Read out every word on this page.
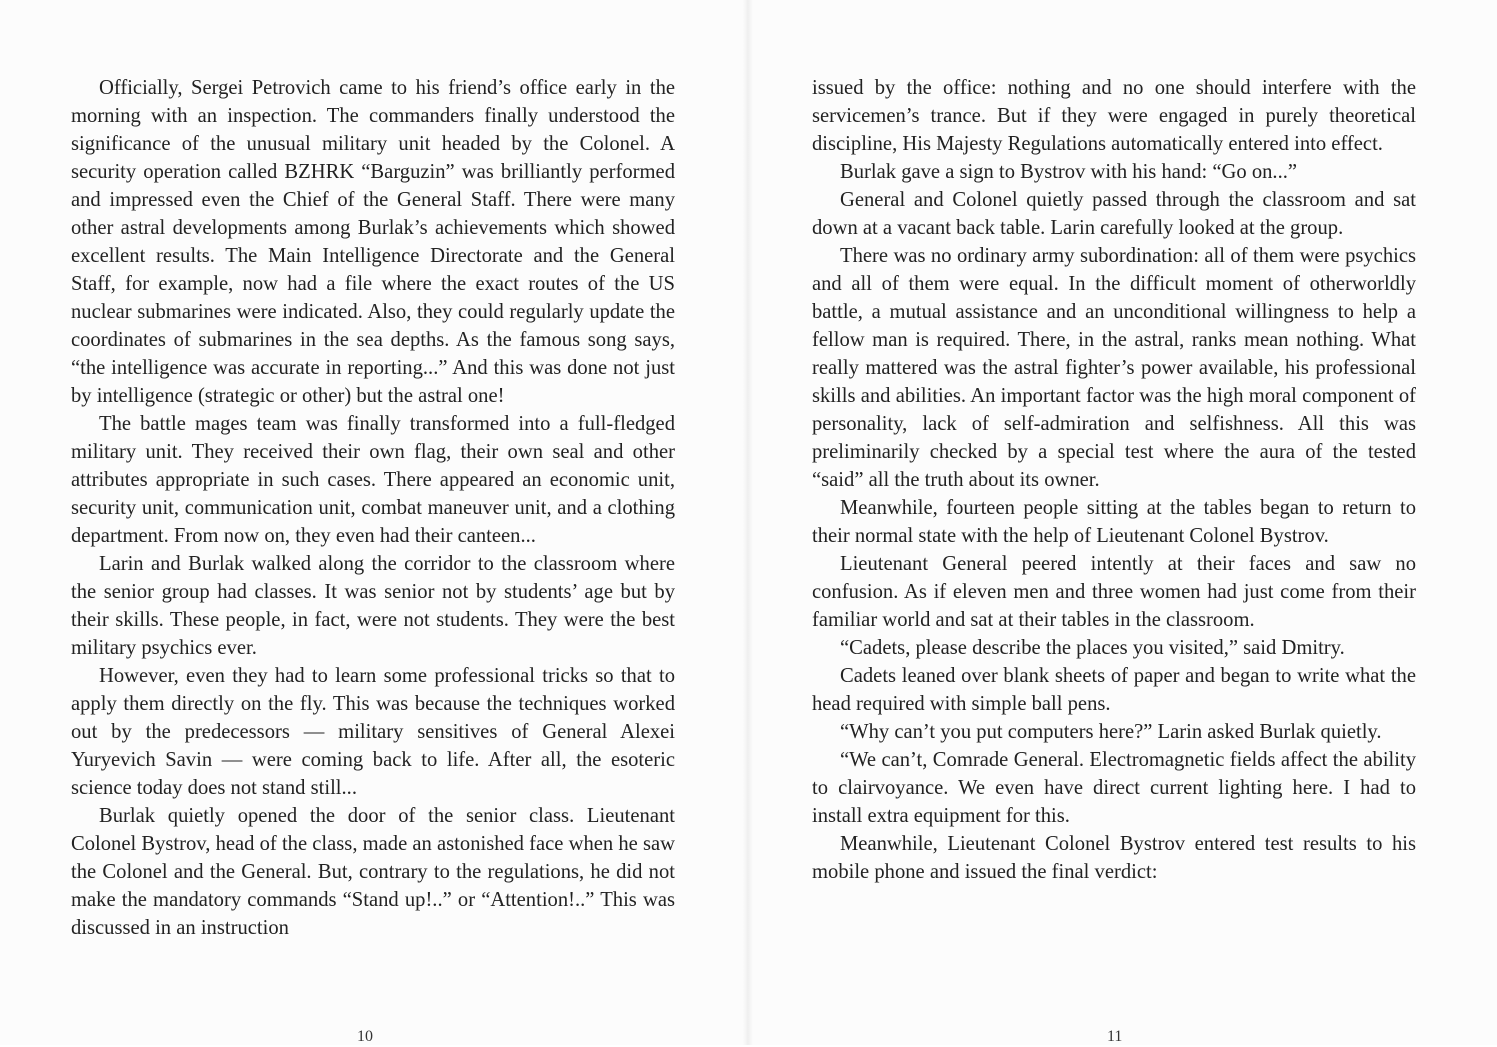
Officially, Sergei Petrovich came to his friend’s office early in the morning with an inspection. The commanders finally understood the significance of the unusual military unit headed by the Colonel. A security operation called BZHRK “Barguzin” was brilliantly performed and impressed even the Chief of the General Staff. There were many other astral developments among Burlak’s achievements which showed excellent results. The Main Intelligence Directorate and the General Staff, for example, now had a file where the exact routes of the US nuclear submarines were indicated. Also, they could regularly update the coordinates of submarines in the sea depths. As the famous song says, “the intelligence was accurate in reporting...” And this was done not just by intelligence (strategic or other) but the astral one!

The battle mages team was finally transformed into a full-fledged military unit. They received their own flag, their own seal and other attributes appropriate in such cases. There appeared an economic unit, security unit, communication unit, combat maneuver unit, and a clothing department. From now on, they even had their canteen...

Larin and Burlak walked along the corridor to the classroom where the senior group had classes. It was senior not by students’ age but by their skills. These people, in fact, were not students. They were the best military psychics ever.

However, even they had to learn some professional tricks so that to apply them directly on the fly. This was because the techniques worked out by the predecessors — military sensitives of General Alexei Yuryevich Savin — were coming back to life. After all, the esoteric science today does not stand still...

Burlak quietly opened the door of the senior class. Lieutenant Colonel Bystrov, head of the class, made an astonished face when he saw the Colonel and the General. But, contrary to the regulations, he did not make the mandatory commands “Stand up!..” or “Attention!..” This was discussed in an instruction

10

issued by the office: nothing and no one should interfere with the servicemen’s trance. But if they were engaged in purely theoretical discipline, His Majesty Regulations automatically entered into effect.

Burlak gave a sign to Bystrov with his hand: “Go on...”

General and Colonel quietly passed through the classroom and sat down at a vacant back table. Larin carefully looked at the group.

There was no ordinary army subordination: all of them were psychics and all of them were equal. In the difficult moment of otherworldly battle, a mutual assistance and an unconditional willingness to help a fellow man is required. There, in the astral, ranks mean nothing. What really mattered was the astral fighter’s power available, his professional skills and abilities. An important factor was the high moral component of personality, lack of self-admiration and selfishness. All this was preliminarily checked by a special test where the aura of the tested “said” all the truth about its owner.

Meanwhile, fourteen people sitting at the tables began to return to their normal state with the help of Lieutenant Colonel Bystrov.

Lieutenant General peered intently at their faces and saw no confusion. As if eleven men and three women had just come from their familiar world and sat at their tables in the classroom.

“Cadets, please describe the places you visited,” said Dmitry.

Cadets leaned over blank sheets of paper and began to write what the head required with simple ball pens.

“Why can’t you put computers here?” Larin asked Burlak quietly.

“We can’t, Comrade General. Electromagnetic fields affect the ability to clairvoyance. We even have direct current lighting here. I had to install extra equipment for this.

Meanwhile, Lieutenant Colonel Bystrov entered test results to his mobile phone and issued the final verdict:

11
